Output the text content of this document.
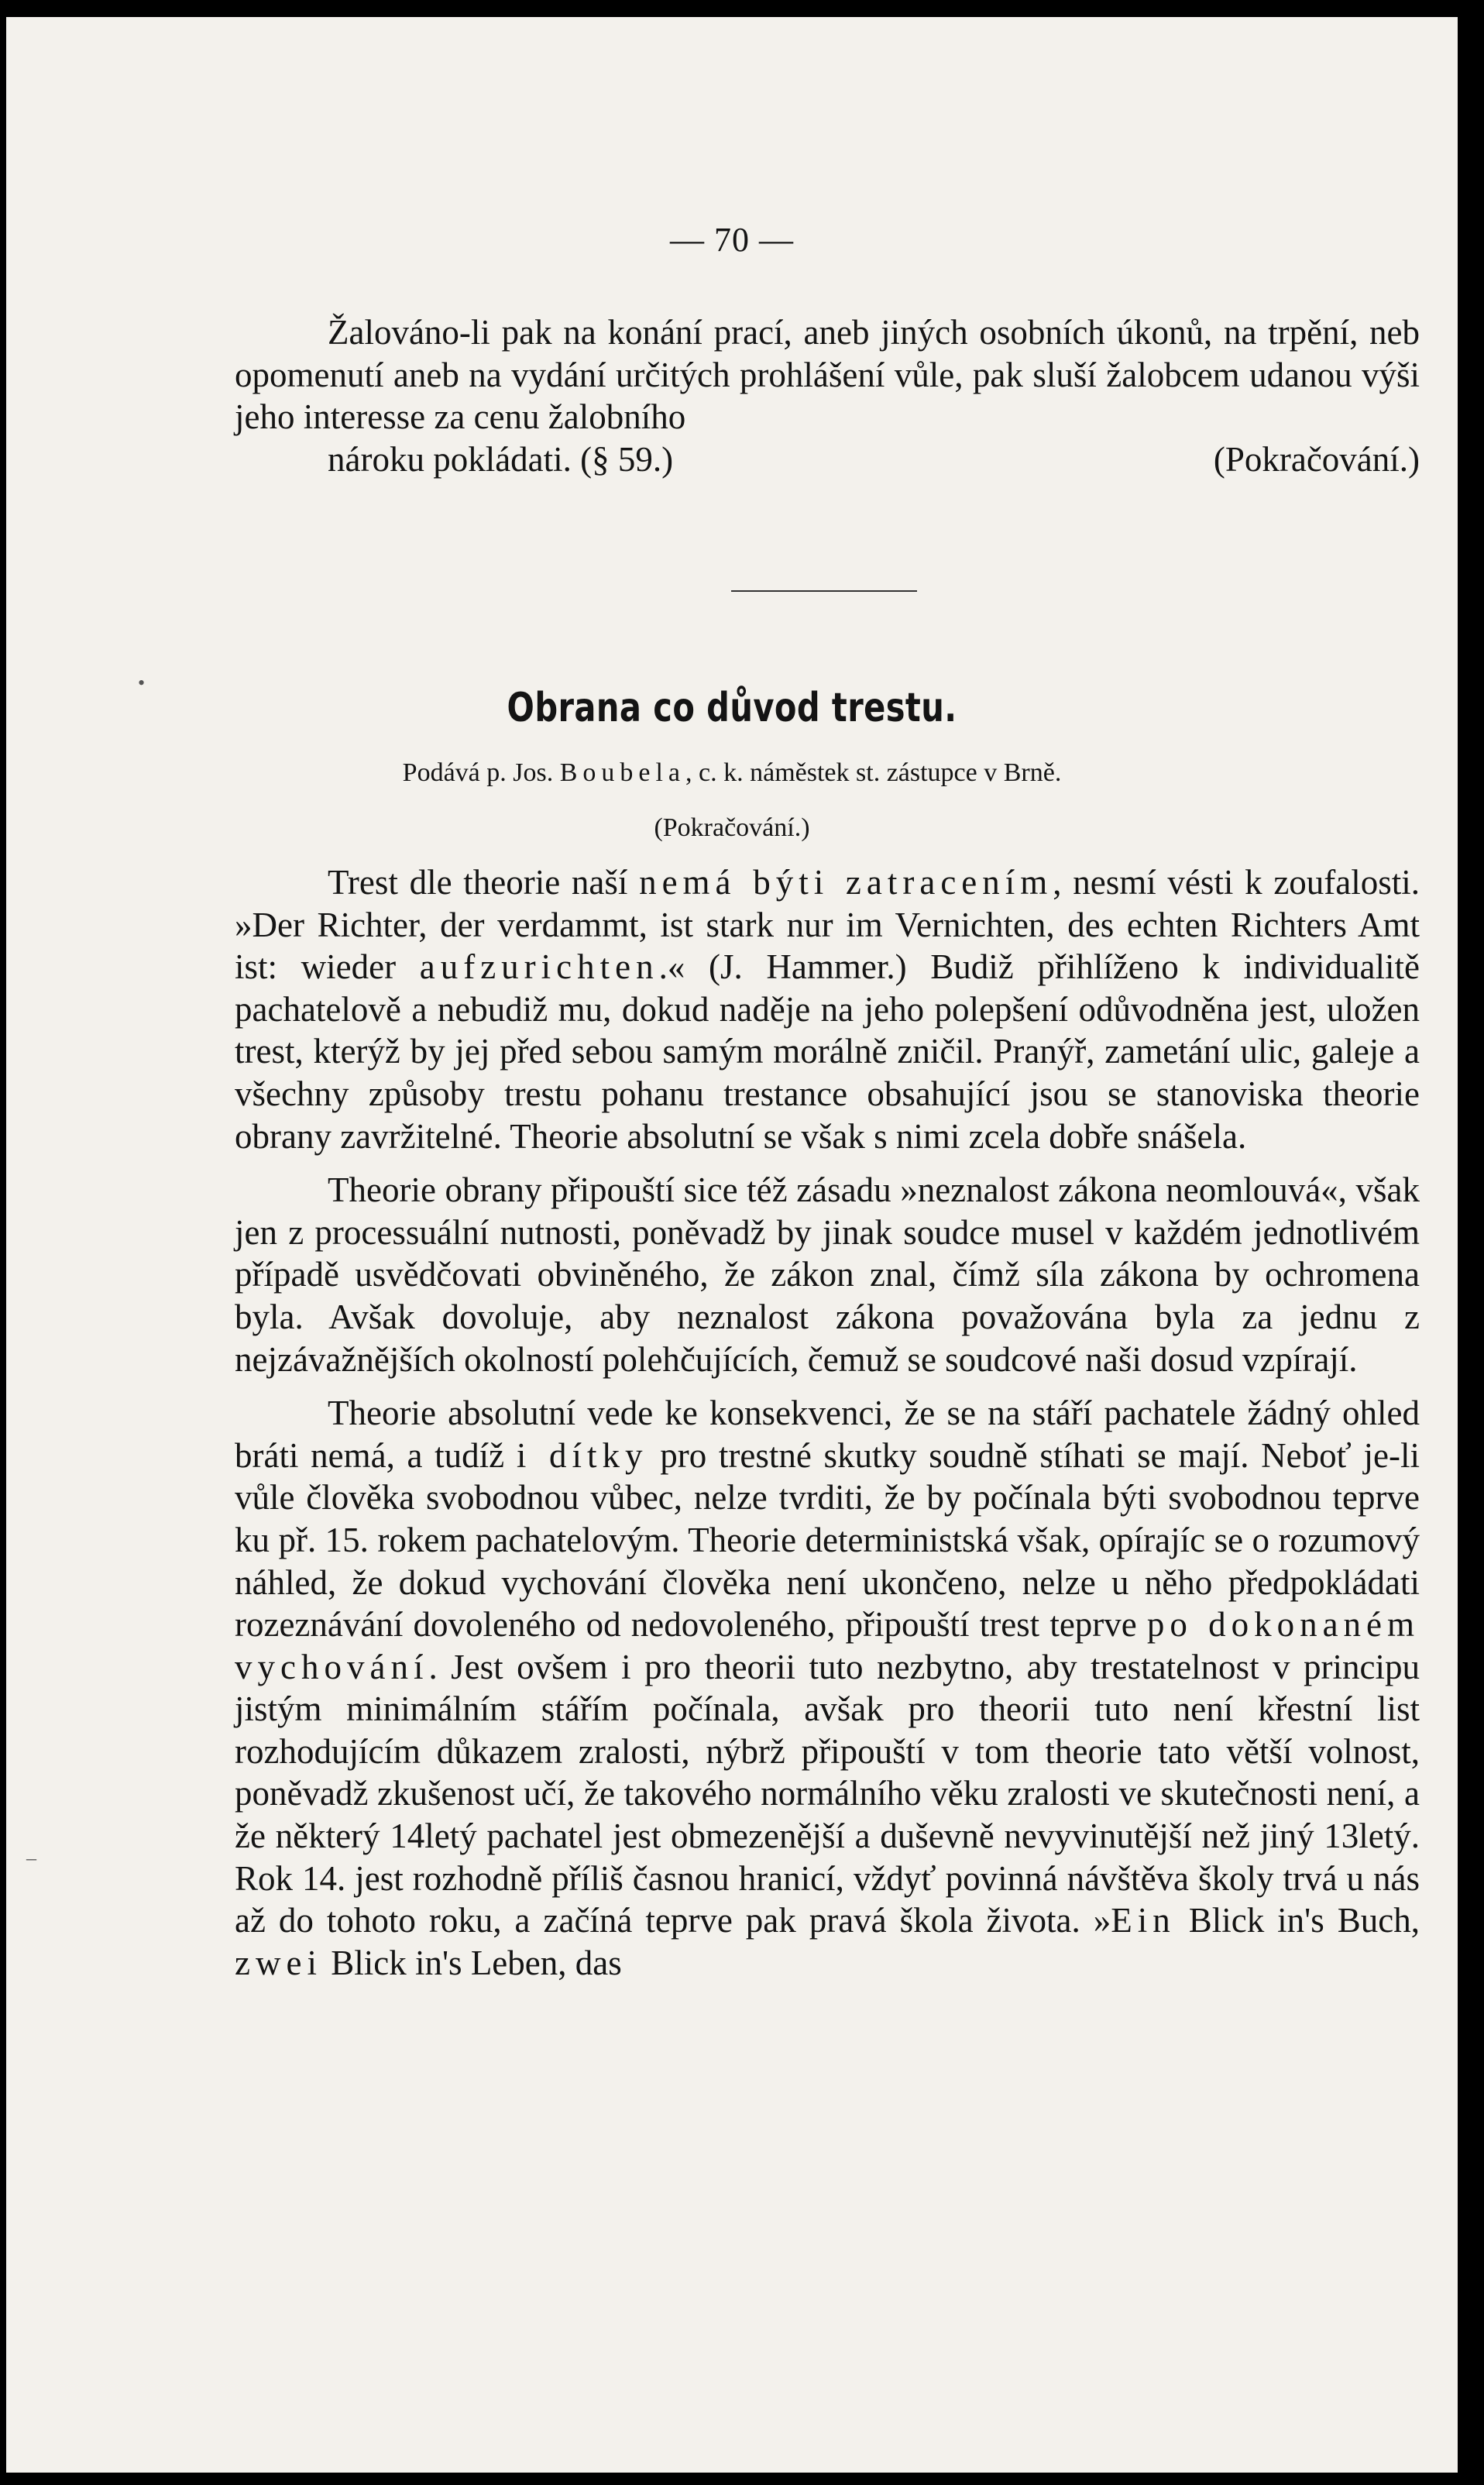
— 70 —

Žalováno-li pak na konání prací, aneb jiných osobních úkonů, na trpění, neb opomenutí aneb na vydání určitých prohlášení vůle, pak sluší žalobcem udanou výši jeho interesse za cenu žalobního
nároku pokládati. (§ 59.)	(Pokračování.)

Obrana co důvod trestu.
Podává p. Jos. Boubela, c. k. náměstek st. zástupce v Brně.
(Pokračování.)

Trest dle theorie naší nemá býti zatracením, nesmí vésti k zoufalosti. »Der Richter, der verdammt, ist stark nur im Vernichten, des echten Richters Amt ist: wieder aufzurichten.« (J. Hammer.) Budiž přihlíženo k individualitě pachatelově a nebudiž mu, dokud naděje na jeho polepšení odůvodněna jest, uložen trest, kterýž by jej před sebou samým morálně zničil. Pranýř, zametání ulic, galeje a všechny způsoby trestu pohanu trestance obsahující jsou se stanoviska theorie obrany zavržitelné. Theorie absolutní se však s nimi zcela dobře snášela.

Theorie obrany připouští sice též zásadu »neznalost zákona neomlouvá«, však jen z processuální nutnosti, poněvadž by jinak soudce musel v každém jednotlivém případě usvědčovati obviněného, že zákon znal, čímž síla zákona by ochromena byla. Avšak dovoluje, aby neznalost zákona považována byla za jednu z nejzávažnějších okolností polehčujících, čemuž se soudcové naši dosud vzpírají.

Theorie absolutní vede ke konsekvenci, že se na stáří pachatele žádný ohled bráti nemá, a tudíž i dítky pro trestné skutky soudně stíhati se mají. Neboť je-li vůle člověka svobodnou vůbec, nelze tvrditi, že by počínala býti svobodnou teprve ku př. 15. rokem pachatelovým. Theorie deterministská však, opírajíc se o rozumový náhled, že dokud vychování člověka není ukončeno, nelze u něho předpokládati rozeznávání dovoleného od nedovoleného, připouští trest teprve po dokonaném vychování. Jest ovšem i pro theorii tuto nezbytno, aby trestatelnost v principu jistým minimálním stářím počínala, avšak pro theorii tuto není křestní list rozhodujícím důkazem zralosti, nýbrž připouští v tom theorie tato větší volnost, poněvadž zkušenost učí, že takového normálního věku zralosti ve skutečnosti není, a že některý 14letý pachatel jest obmezenější a duševně nevyvinutější než jiný 13letý. Rok 14. jest rozhodně příliš časnou hranicí, vždyť povinná návštěva školy trvá u nás až do tohoto roku, a začíná teprve pak pravá škola života. »Ein Blick in's Buch, zwei Blick in's Leben, das

•
–
